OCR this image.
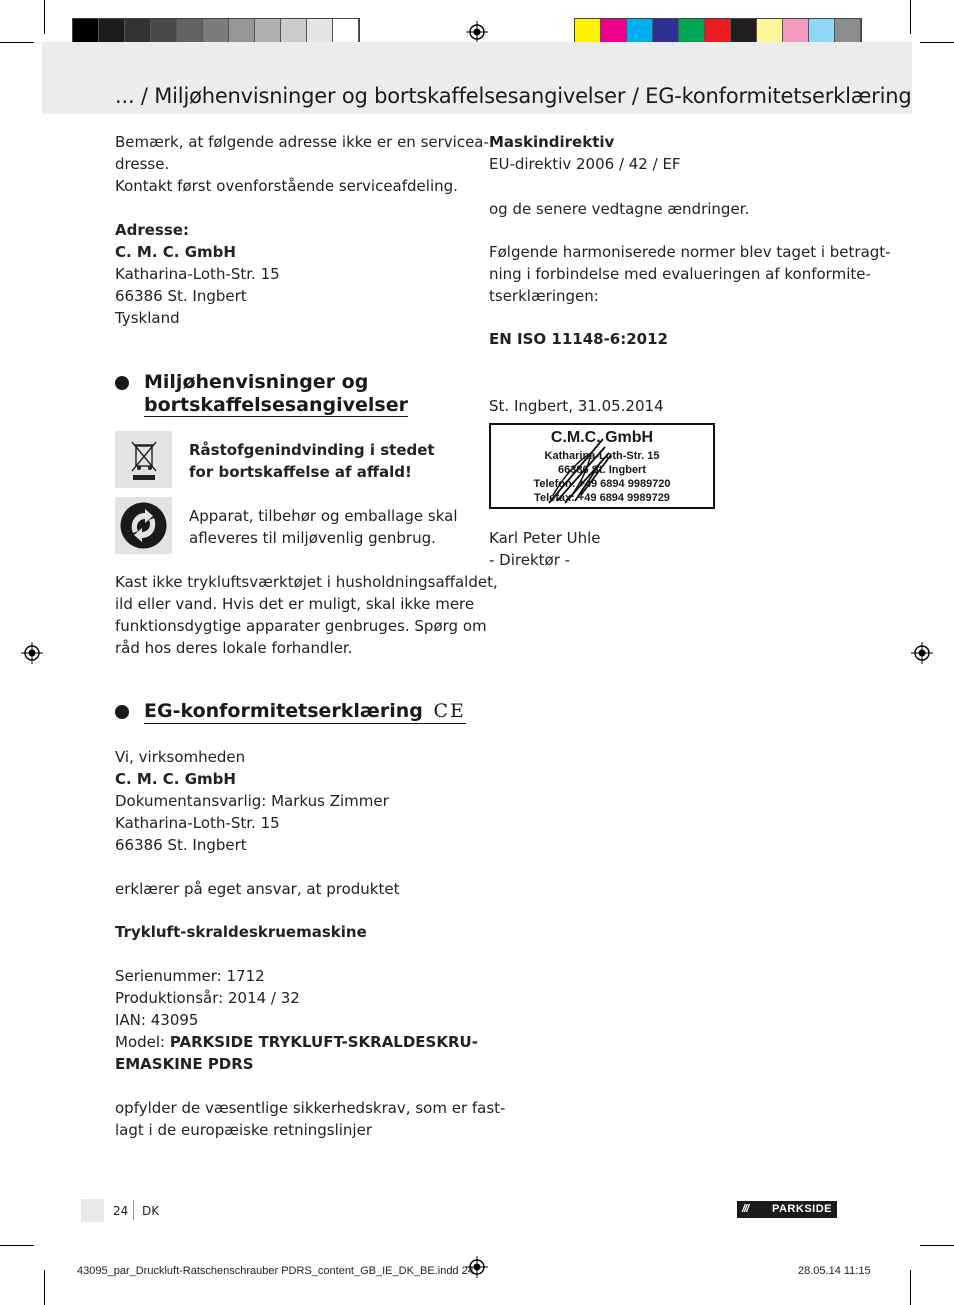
... / Miljøhenvisninger og bortskaffelsesangivelser / EG-konformitetserklæring
Bemærk, at følgende adresse ikke er en servicea-
dresse.
Kontakt først ovenforstående serviceafdeling.
Adresse:
C. M. C. GmbH
Katharina-Loth-Str. 15
66386 St. Ingbert
Tyskland
Miljøhenvisninger og
bortskaffelsesangivelser
Råstofgenindvinding i stedet
for bortskaffelse af affald!
Apparat, tilbehør og emballage skal
afleveres til miljøvenlig genbrug.
Kast ikke trykluftsværktøjet i husholdningsaffaldet,
ild eller vand. Hvis det er muligt, skal ikke mere
funktionsdygtige apparater genbruges. Spørg om
råd hos deres lokale forhandler.
EG-konformitetserklæring CE
Vi, virksomheden
C. M. C. GmbH
Dokumentansvarlig: Markus Zimmer
Katharina-Loth-Str. 15
66386 St. Ingbert
erklærer på eget ansvar, at produktet
Trykluft-skraldeskruemaskine
Serienummer: 1712
Produktionsår: 2014 / 32
IAN: 43095
Model: PARKSIDE TRYKLUFT-SKRALDESKRU-
EMASKINE PDRS
opfylder de væsentlige sikkerhedskrav, som er fast-
lagt i de europæiske retningslinjer
Maskindirektiv
EU-direktiv 2006 / 42 / EF
og de senere vedtagne ændringer.
Følgende harmoniserede normer blev taget i betragt-
ning i forbindelse med evalueringen af konformite-
tserklæringen:
EN ISO 11148-6:2012
St. Ingbert, 31.05.2014
C.M.C. GmbH
Katharina-Loth-Str. 15
66386 St. Ingbert
Telefon: +49 6894 9989720
Telefax: +49 6894 9989729
Karl Peter Uhle
- Direktør -
24 DK	/// PARKSIDE
43095_par_Druckluft-Ratschenschrauber PDRS_content_GB_IE_DK_BE.indd 24	28.05.14 11:15
